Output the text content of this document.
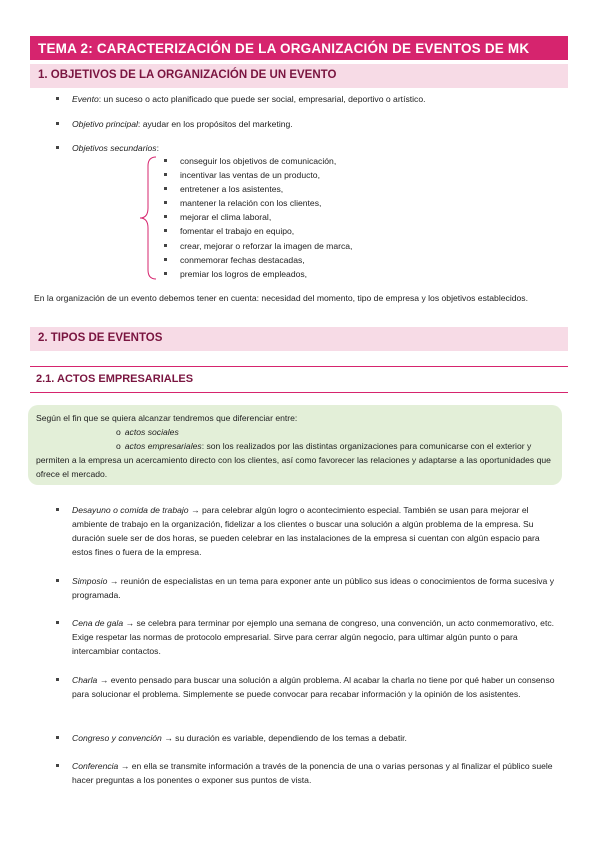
TEMA 2: CARACTERIZACIÓN DE LA ORGANIZACIÓN DE EVENTOS DE MK
1. OBJETIVOS DE LA ORGANIZACIÓN DE UN EVENTO
Evento: un suceso o acto planificado que puede ser social, empresarial, deportivo o artístico.
Objetivo principal: ayudar en los propósitos del marketing.
Objetivos secundarios:
conseguir los objetivos de comunicación,
incentivar las ventas de un producto,
entretener a los asistentes,
mantener la relación con los clientes,
mejorar el clima laboral,
fomentar el trabajo en equipo,
crear, mejorar o reforzar la imagen de marca,
conmemorar fechas destacadas,
premiar los logros de empleados,
En la organización de un evento debemos tener en cuenta: necesidad del momento, tipo de empresa y los objetivos establecidos.
2. TIPOS DE EVENTOS
2.1. ACTOS EMPRESARIALES
Según el fin que se quiera alcanzar tendremos que diferenciar entre:
o actos sociales
o actos empresariales: son los realizados por las distintas organizaciones para comunicarse con el exterior y permiten a la empresa un acercamiento directo con los clientes, así como favorecer las relaciones y adaptarse a las oportunidades que ofrece el mercado.
Desayuno o comida de trabajo → para celebrar algún logro o acontecimiento especial. También se usan para mejorar el ambiente de trabajo en la organización, fidelizar a los clientes o buscar una solución a algún problema de la empresa. Su duración suele ser de dos horas, se pueden celebrar en las instalaciones de la empresa si cuentan con algún espacio para estos fines o fuera de la empresa.
Simposio → reunión de especialistas en un tema para exponer ante un público sus ideas o conocimientos de forma sucesiva y programada.
Cena de gala → se celebra para terminar por ejemplo una semana de congreso, una convención, un acto conmemorativo, etc. Exige respetar las normas de protocolo empresarial. Sirve para cerrar algún negocio, para ultimar algún punto o para intercambiar contactos.
Charla → evento pensado para buscar una solución a algún problema. Al acabar la charla no tiene por qué haber un consenso para solucionar el problema. Simplemente se puede convocar para recabar información y la opinión de los asistentes.
Congreso y convención → su duración es variable, dependiendo de los temas a debatir.
Conferencia → en ella se transmite información a través de la ponencia de una o varias personas y al finalizar el público suele hacer preguntas a los ponentes o exponer sus puntos de vista.
